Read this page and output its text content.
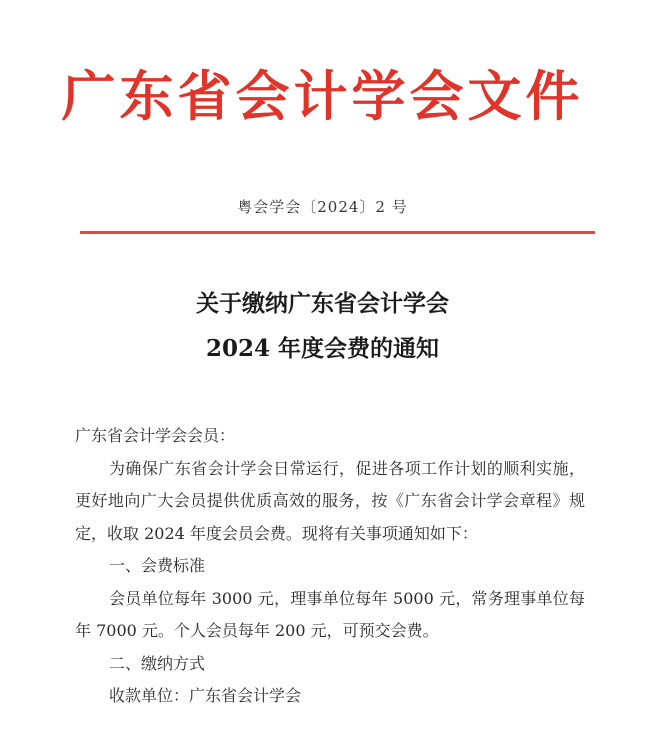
广东省会计学会文件
粤会学会〔2024〕2 号
关于缴纳广东省会计学会
2024 年度会费的通知

广东省会计学会会员：

为确保广东省会计学会日常运行，促进各项工作计划的顺利实施，更好地向广大会员提供优质高效的服务，按《广东省会计学会章程》规定，收取 2024 年度会员会费。现将有关事项通知如下：

一、会费标准

会员单位每年 3000 元，理事单位每年 5000 元，常务理事单位每年 7000 元。个人会员每年 200 元，可预交会费。

二、缴纳方式

收款单位：广东省会计学会
